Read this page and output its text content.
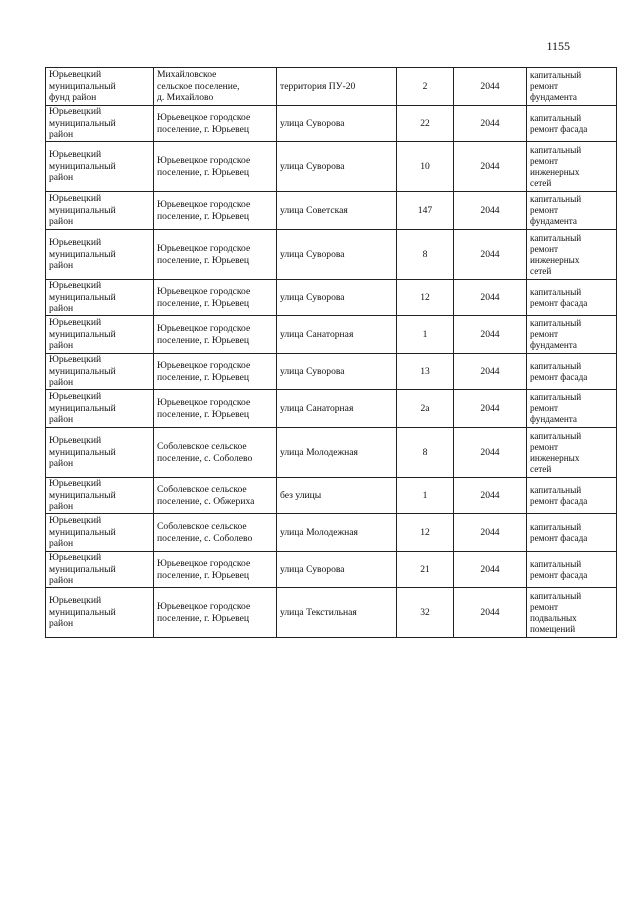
1155
Юрьевецкий
муниципальный
фунд район	Михайловское
сельское поселение,
д. Михайлово	территория ПУ-20	2	2044	капитальный
ремонт
фундамента

Юрьевецкий
муниципальный
район	Юрьевецкое городское
поселение, г. Юрьевец	улица Суворова	22	2044	капитальный
ремонт фасада

Юрьевецкий
муниципальный
район	Юрьевецкое городское
поселение, г. Юрьевец	улица Суворова	10	2044	капитальный
ремонт
инженерных
сетей

Юрьевецкий
муниципальный
район	Юрьевецкое городское
поселение, г. Юрьевец	улица Советская	147	2044	капитальный
ремонт
фундамента

Юрьевецкий
муниципальный
район	Юрьевецкое городское
поселение, г. Юрьевец	улица Суворова	8	2044	капитальный
ремонт
инженерных
сетей

Юрьевецкий
муниципальный
район	Юрьевецкое городское
поселение, г. Юрьевец	улица Суворова	12	2044	капитальный
ремонт фасада

Юрьевецкий
муниципальный
район	Юрьевецкое городское
поселение, г. Юрьевец	улица Санаторная	1	2044	капитальный
ремонт
фундамента

Юрьевецкий
муниципальный
район	Юрьевецкое городское
поселение, г. Юрьевец	улица Суворова	13	2044	капитальный
ремонт фасада

Юрьевецкий
муниципальный
район	Юрьевецкое городское
поселение, г. Юрьевец	улица Санаторная	2а	2044	капитальный
ремонт
фундамента

Юрьевецкий
муниципальный
район	Соболевское сельское
поселение, с. Соболево	улица Молодежная	8	2044	капитальный
ремонт
инженерных
сетей

Юрьевецкий
муниципальный
район	Соболевское сельское
поселение, с. Обжериха	без улицы	1	2044	капитальный
ремонт фасада

Юрьевецкий
муниципальный
район	Соболевское сельское
поселение, с. Соболево	улица Молодежная	12	2044	капитальный
ремонт фасада

Юрьевецкий
муниципальный
район	Юрьевецкое городское
поселение, г. Юрьевец	улица Суворова	21	2044	капитальный
ремонт фасада

Юрьевецкий
муниципальный
район	Юрьевецкое городское
поселение, г. Юрьевец	улица Текстильная	32	2044	капитальный
ремонт
подвальных
помещений
